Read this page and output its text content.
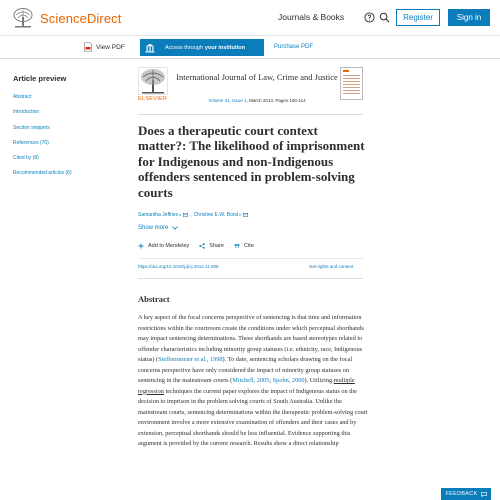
ScienceDirect	Journals & Books	Register	Sign in
View PDF	Access through your institution	Purchase PDF
Article preview
Abstract
Introduction
Section snippets
References (70)
Cited by (8)
Recommended articles (6)
ELSEVIER
International Journal of Law, Crime and Justice
Volume 41, Issue 1, March 2013, Pages 100-114
Does a therapeutic court context matter?: The likelihood of imprisonment for Indigenous and non-Indigenous offenders sentenced in problem-solving courts
Samantha Jeffries a , Christine E.W. Bond b
Show more
Add to Mendeley	Share	Cite
https://doi.org/10.1016/j.ijlcj.2012.11.006	Get rights and content
Abstract

A key aspect of the focal concerns perspective of sentencing is that time and information restrictions within the courtroom create the conditions under which perceptual shorthands may impact sentencing determinations. These shorthands are based stereotypes related to offender characteristics including minority group statuses (i.e. ethnicity, race, Indigenous status) (Steffensmeier et al., 1998). To date, sentencing scholars drawing on the focal concerns perspective have only considered the impact of minority group statuses on sentencing in the mainstream courts (Mitchell, 2005; Spohn, 2000). Utilizing multiple regression techniques the current paper explores the impact of Indigenous status on the decision to imprison in the problem solving courts of South Australia. Unlike the mainstream courts, sentencing determinations within the therapeutic problem-solving court environment involve a more extensive examination of offenders and their cases and by extension, perceptual shorthands should be less influential. Evidence supporting this argument is provided by the current research. Results show a direct relationship

FEEDBACK
